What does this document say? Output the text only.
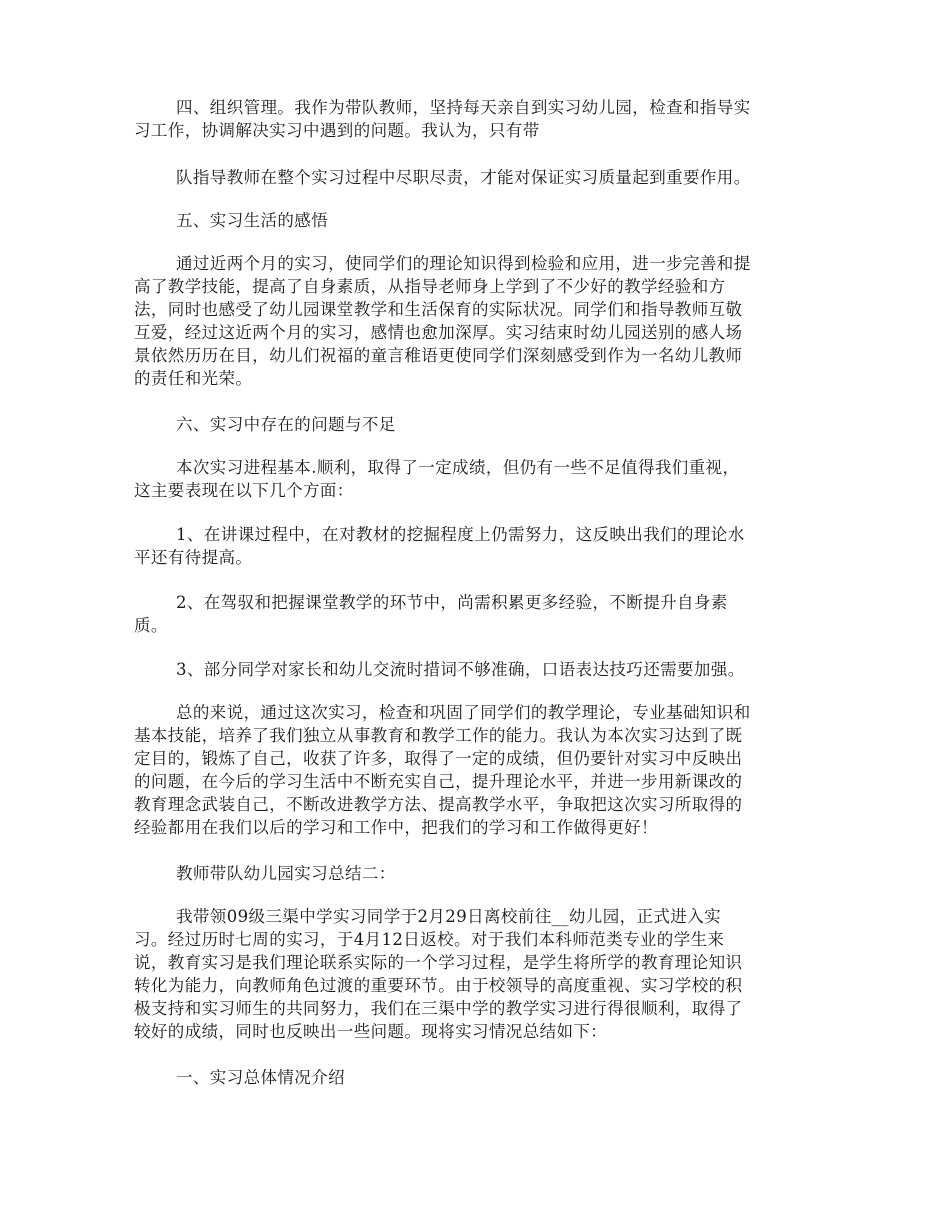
四、组织管理。我作为带队教师，坚持每天亲自到实习幼儿园，检查和指导实
习工作，协调解决实习中遇到的问题。我认为，只有带

队指导教师在整个实习过程中尽职尽责，才能对保证实习质量起到重要作用。

五、实习生活的感悟

通过近两个月的实习，使同学们的理论知识得到检验和应用，进一步完善和提
高了教学技能，提高了自身素质，从指导老师身上学到了不少好的教学经验和方
法，同时也感受了幼儿园课堂教学和生活保育的实际状况。同学们和指导教师互敬
互爱，经过这近两个月的实习，感情也愈加深厚。实习结束时幼儿园送别的感人场
景依然历历在目，幼儿们祝福的童言稚语更使同学们深刻感受到作为一名幼儿教师
的责任和光荣。

六、实习中存在的问题与不足

本次实习进程基本.顺利，取得了一定成绩，但仍有一些不足值得我们重视，
这主要表现在以下几个方面：

1、在讲课过程中，在对教材的挖掘程度上仍需努力，这反映出我们的理论水
平还有待提高。

2、在驾驭和把握课堂教学的环节中，尚需积累更多经验，不断提升自身素
质。

3、部分同学对家长和幼儿交流时措词不够准确，口语表达技巧还需要加强。

总的来说，通过这次实习，检查和巩固了同学们的教学理论，专业基础知识和
基本技能，培养了我们独立从事教育和教学工作的能力。我认为本次实习达到了既
定目的，锻炼了自己，收获了许多，取得了一定的成绩，但仍要针对实习中反映出
的问题，在今后的学习生活中不断充实自己，提升理论水平，并进一步用新课改的
教育理念武装自己，不断改进教学方法、提高教学水平，争取把这次实习所取得的
经验都用在我们以后的学习和工作中，把我们的学习和工作做得更好！

教师带队幼儿园实习总结二：

我带领09级三渠中学实习同学于2月29日离校前往__幼儿园，正式进入实
习。经过历时七周的实习，于4月12日返校。对于我们本科师范类专业的学生来
说，教育实习是我们理论联系实际的一个学习过程，是学生将所学的教育理论知识
转化为能力，向教师角色过渡的重要环节。由于校领导的高度重视、实习学校的积
极支持和实习师生的共同努力，我们在三渠中学的教学实习进行得很顺利，取得了
较好的成绩，同时也反映出一些问题。现将实习情况总结如下：

一、实习总体情况介绍
